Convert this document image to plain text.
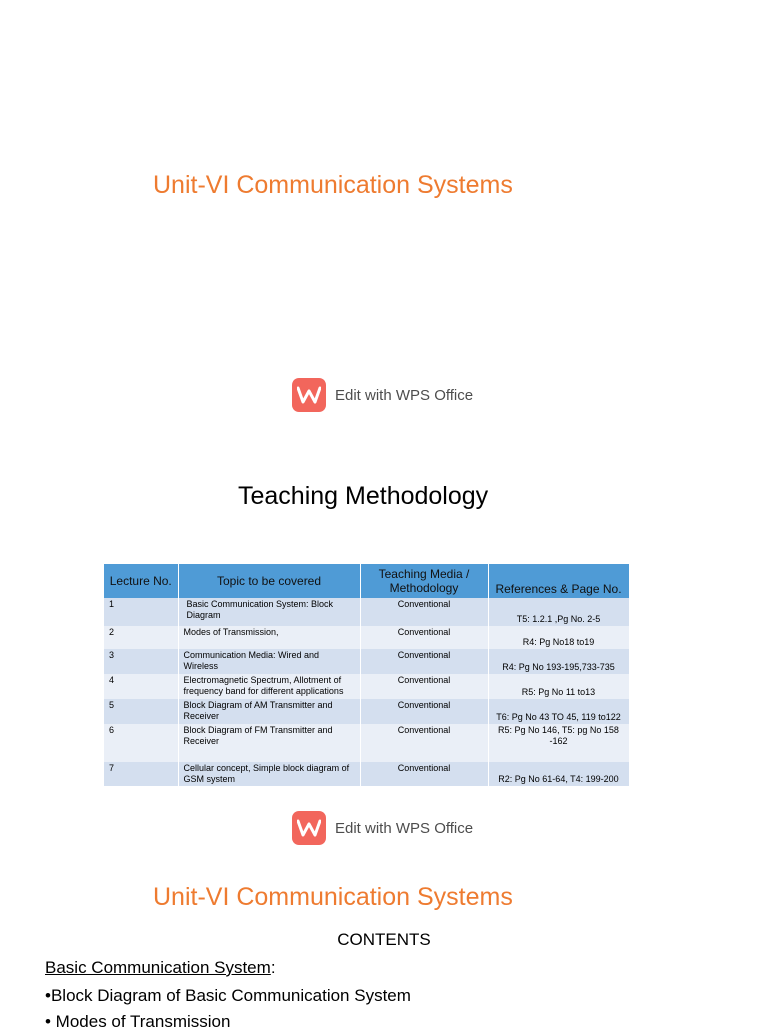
Unit-VI Communication Systems
Edit with WPS Office
Teaching Methodology
Lecture No.	Topic to be covered	Teaching Media / Methodology	References & Page No.
1	Basic Communication System: Block Diagram	Conventional	T5: 1.2.1 ,Pg No. 2-5
2	Modes of Transmission,	Conventional	R4: Pg No18 to19
3	Communication Media: Wired and Wireless	Conventional	R4: Pg No 193-195,733-735
4	Electromagnetic Spectrum, Allotment of frequency band for different applications	Conventional	R5: Pg No 11 to13
5	Block Diagram of AM Transmitter and Receiver	Conventional	T6: Pg No 43 TO 45, 119 to122
6	Block Diagram of FM Transmitter and Receiver	Conventional	R5: Pg No 146, T5: pg No 158 -162
7	Cellular concept, Simple block diagram of GSM system	Conventional	R2: Pg No 61-64, T4: 199-200
Edit with WPS Office
Unit-VI Communication Systems
CONTENTS
Basic Communication System:
•Block Diagram of Basic Communication System
• Modes of Transmission
